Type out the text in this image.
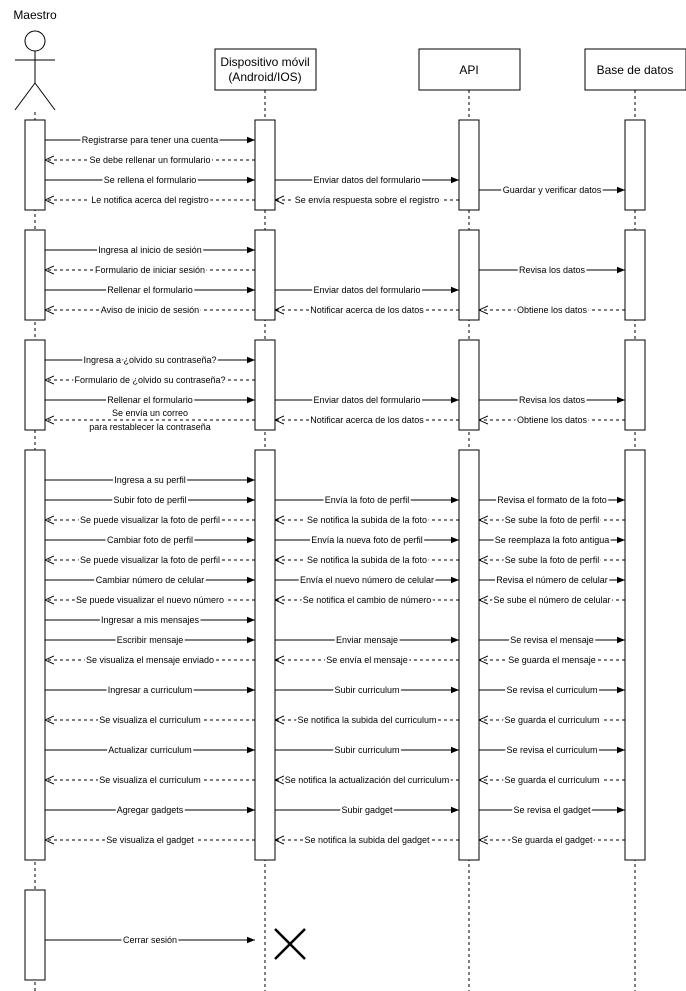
Maestro
Dispositivo móvil
(Android/IOS)	API	Base de datos
Registrarse para tener una cuenta
Se debe rellenar un formulario
Se rellena el formulario	Enviar datos del formulario
Guardar y verificar datos
Le notifica acerca del registro	Se envía respuesta sobre el registro
Ingresa al inicio de sesión
Formulario de iniciar sesión	Revisa los datos
Rellenar el formulario	Enviar datos del formulario
Aviso de inicio de sesión	Notificar acerca de los datos	Obtiene los datos
Ingresa a ¿olvido su contraseña?
Formulario de ¿olvido su contraseña?
Rellenar el formulario	Enviar datos del formulario	Revisa los datos
Se envía un correo
para restablecer la contraseña
Notificar acerca de los datos	Obtiene los datos
Ingresa a su perfil
Subir foto de perfil	Envía la foto de perfil	Revisa el formato de la foto
Se puede visualizar la foto de perfil	Se notifica la subida de la foto	Se sube la foto de perfil
Cambiar foto de perfil	Envía la nueva foto de perfil	Se reemplaza la foto antigua
Se puede visualizar la foto de perfil	Se notifica la subida de la foto	Se sube la foto de perfil
Cambiar número de celular	Envía el nuevo número de celular	Revisa el número de celular
Se puede visualizar el nuevo número	Se notifica el cambio de número	Se sube el número de celular
Ingresar a mis mensajes
Escribir mensaje	Enviar mensaje	Se revisa el mensaje
Se visualiza el mensaje enviado	Se envía el mensaje	Se guarda el mensaje
Ingresar a curriculum	Subir curriculum	Se revisa el curriculum
Se visualiza el curriculum	Se notifica la subida del curriculum	Se guarda el curriculum
Actualizar curriculum	Subir curriculum	Se revisa el curriculum
Se visualiza el curriculum	Se notifica la actualización del curriculum	Se guarda el curriculum
Agregar gadgets	Subir gadget	Se revisa el gadget
Se visualiza el gadget	Se notifica la subida del gadget	Se guarda el gadget
Cerrar sesión
